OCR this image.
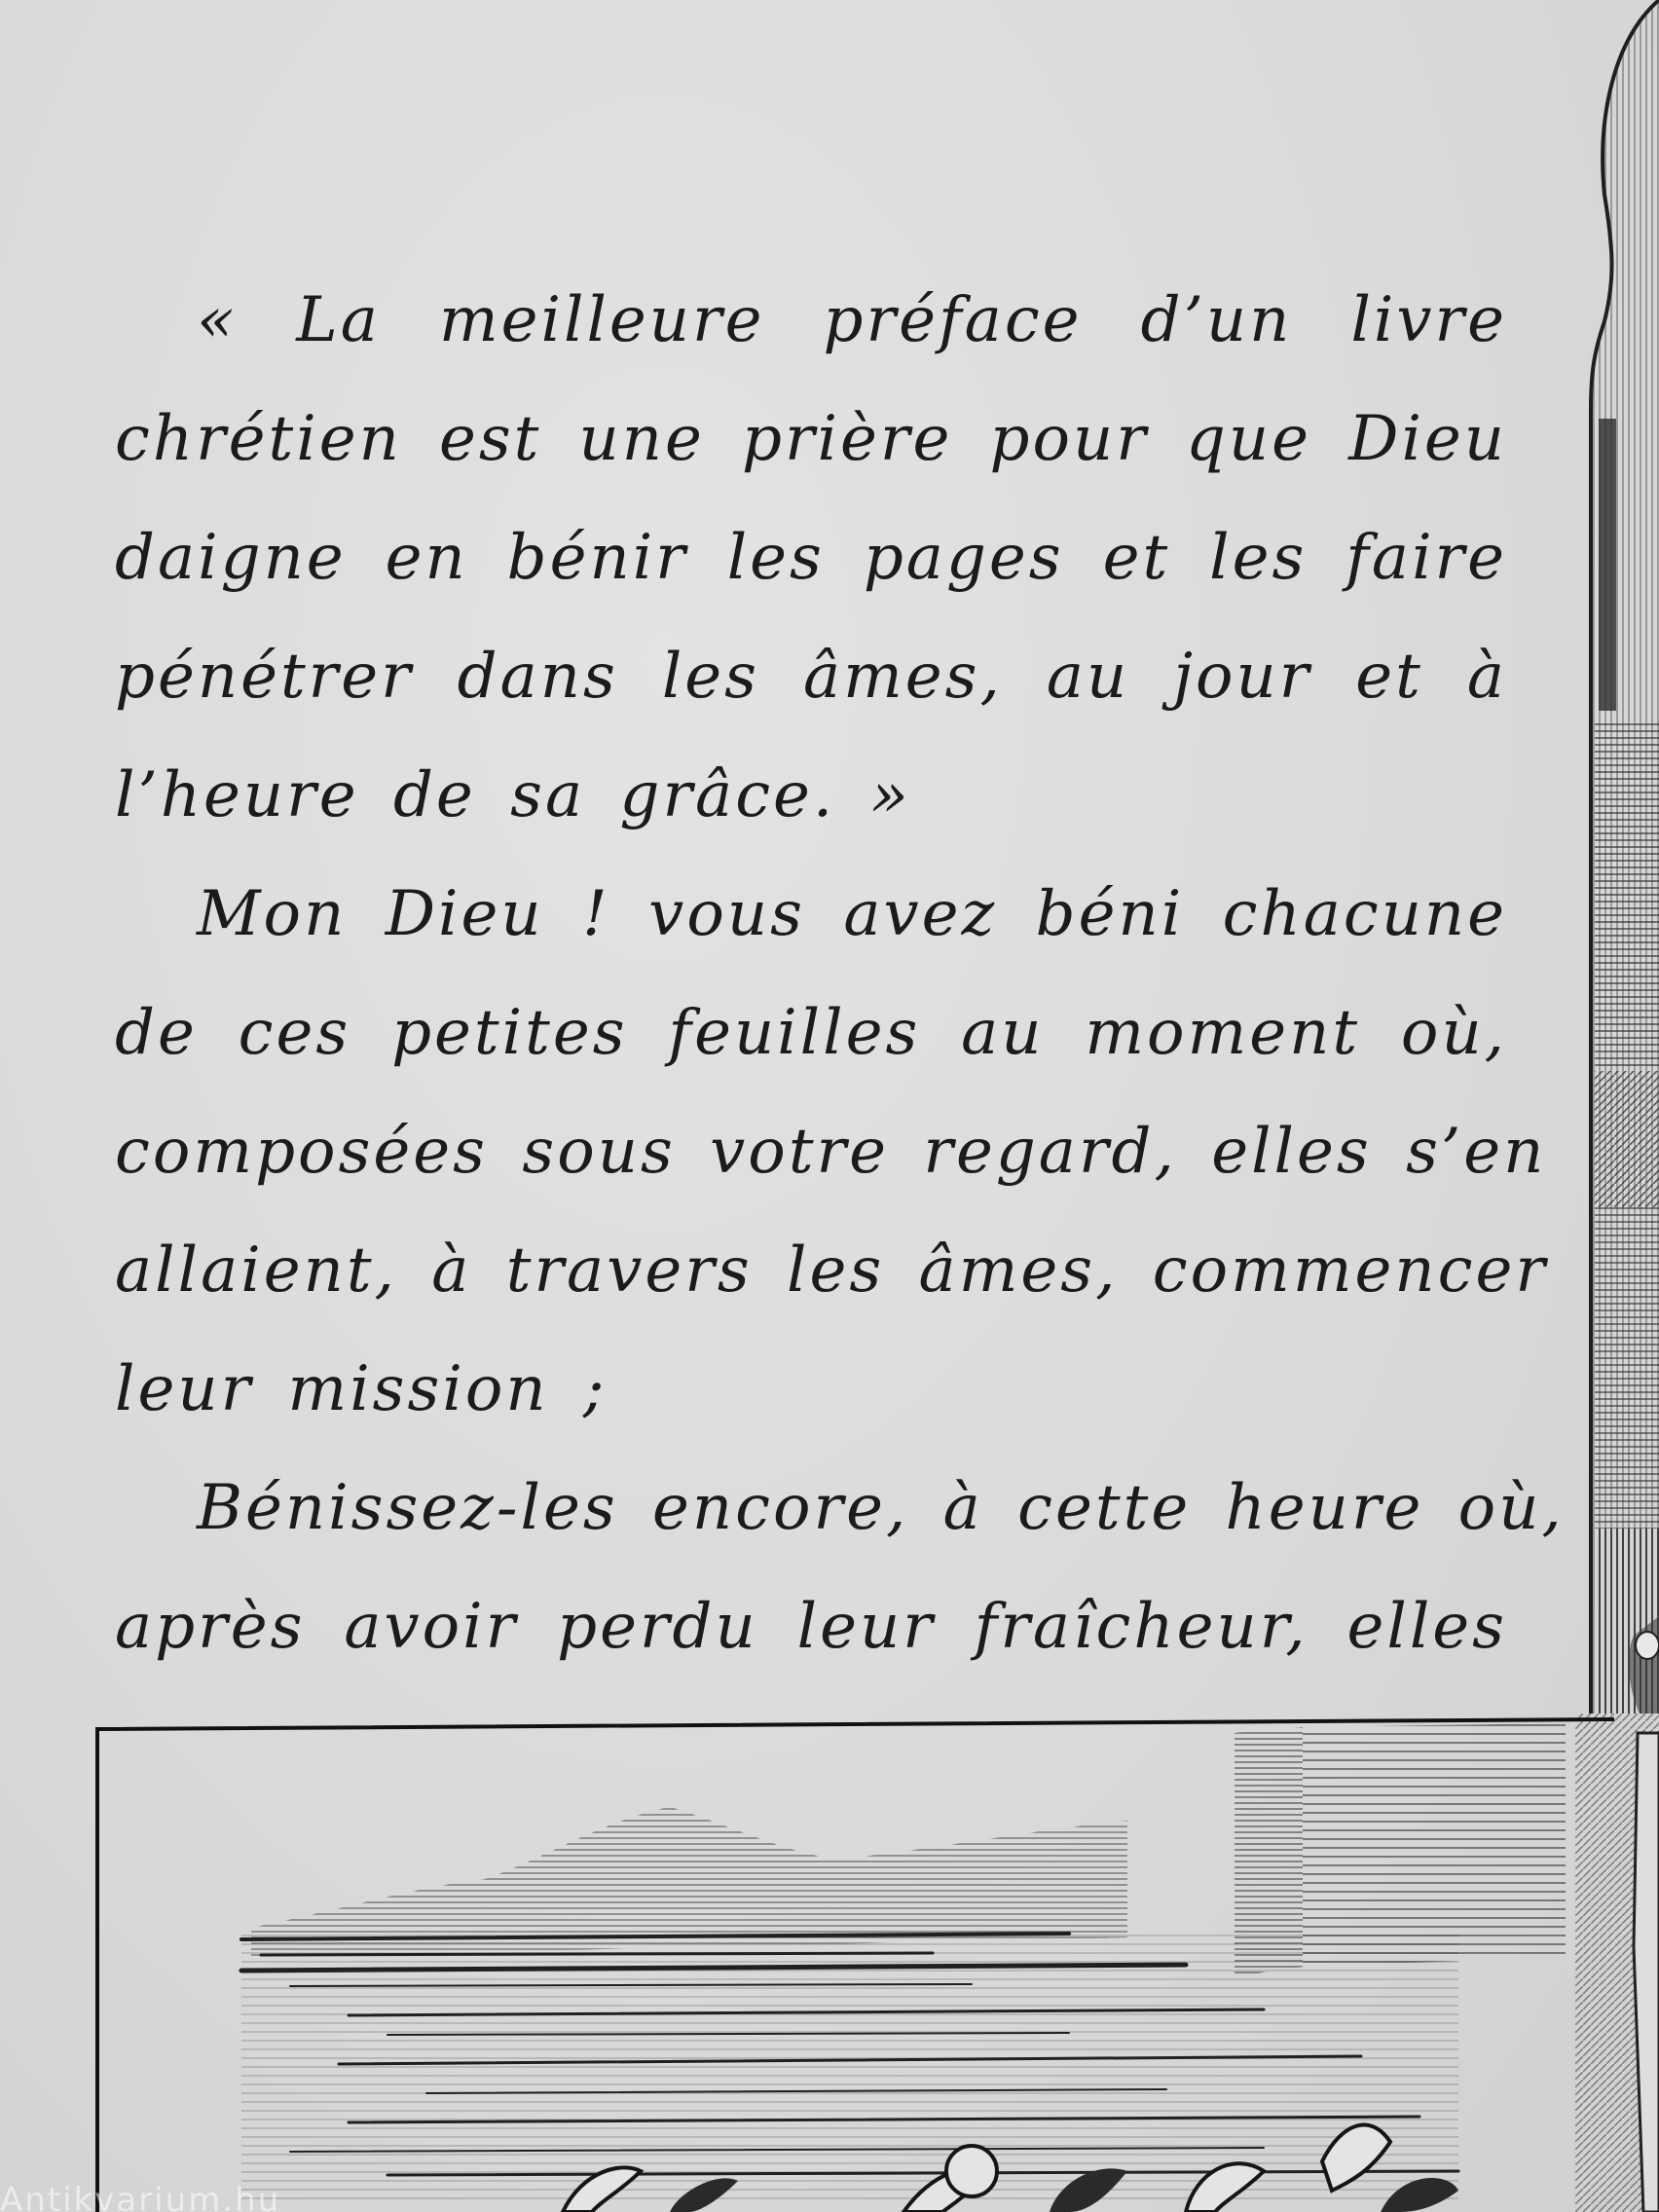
« La meilleure préface d’un livre
chrétien est une prière pour que Dieu
daigne en bénir les pages et les faire
pénétrer dans les âmes, au jour et à
l’heure de sa grâce. »

Mon Dieu ! vous avez béni chacune
de ces petites feuilles au moment où,
composées sous votre regard, elles s’en
allaient, à travers les âmes, commencer
leur mission ;

Bénissez-les encore, à cette heure où,
après avoir perdu leur fraîcheur, elles

Antikvarium.hu
